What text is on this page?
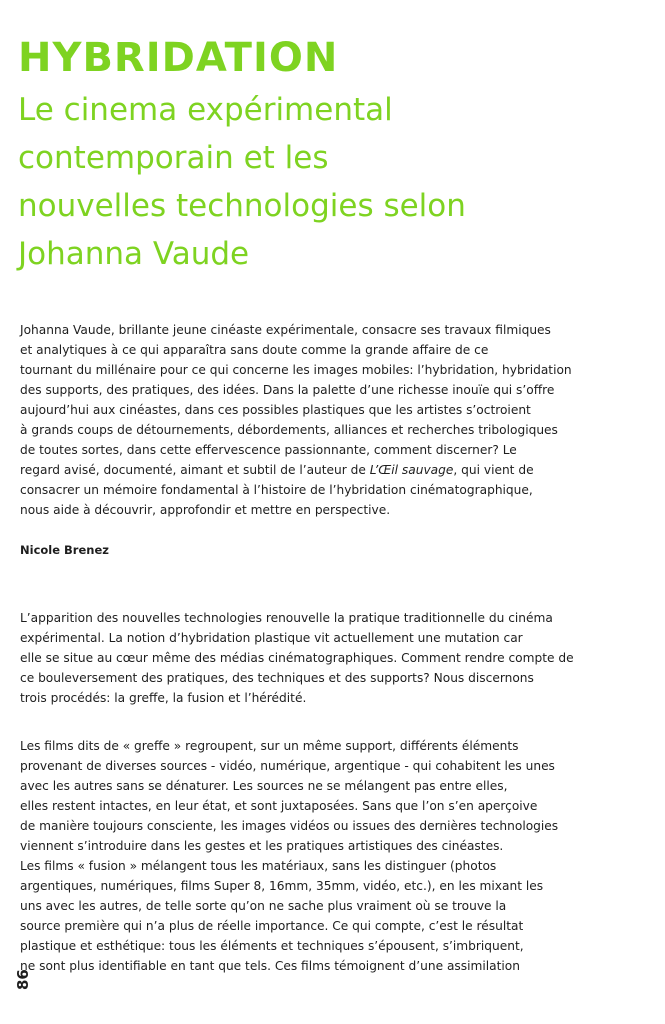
HYBRIDATION
Le cinema expérimental
contemporain et les
nouvelles technologies selon
Johanna Vaude
Johanna Vaude, brillante jeune cinéaste expérimentale, consacre ses travaux filmiques
et analytiques à ce qui apparaîtra sans doute comme la grande affaire de ce
tournant du millénaire pour ce qui concerne les images mobiles: l’hybridation, hybridation
des supports, des pratiques, des idées. Dans la palette d’une richesse inouïe qui s’offre
aujourd’hui aux cinéastes, dans ces possibles plastiques que les artistes s’octroient
à grands coups de détournements, débordements, alliances et recherches tribologiques
de toutes sortes, dans cette effervescence passionnante, comment discerner? Le
regard avisé, documenté, aimant et subtil de l’auteur de L’Œil sauvage, qui vient de
consacrer un mémoire fondamental à l’histoire de l’hybridation cinématographique,
nous aide à découvrir, approfondir et mettre en perspective.
Nicole Brenez
L’apparition des nouvelles technologies renouvelle la pratique traditionnelle du cinéma
expérimental. La notion d’hybridation plastique vit actuellement une mutation car
elle se situe au cœur même des médias cinématographiques. Comment rendre compte de
ce bouleversement des pratiques, des techniques et des supports? Nous discernons
trois procédés: la greffe, la fusion et l’hérédité.
Les films dits de « greffe » regroupent, sur un même support, différents éléments
provenant de diverses sources - vidéo, numérique, argentique - qui cohabitent les unes
avec les autres sans se dénaturer. Les sources ne se mélangent pas entre elles,
elles restent intactes, en leur état, et sont juxtaposées. Sans que l’on s’en aperçoive
de manière toujours consciente, les images vidéos ou issues des dernières technologies
viennent s’introduire dans les gestes et les pratiques artistiques des cinéastes.
Les films « fusion » mélangent tous les matériaux, sans les distinguer (photos
argentiques, numériques, films Super 8, 16mm, 35mm, vidéo, etc.), en les mixant les
uns avec les autres, de telle sorte qu’on ne sache plus vraiment où se trouve la
source première qui n’a plus de réelle importance. Ce qui compte, c’est le résultat
plastique et esthétique: tous les éléments et techniques s’épousent, s’imbriquent,
ne sont plus identifiable en tant que tels. Ces films témoignent d’une assimilation
86
